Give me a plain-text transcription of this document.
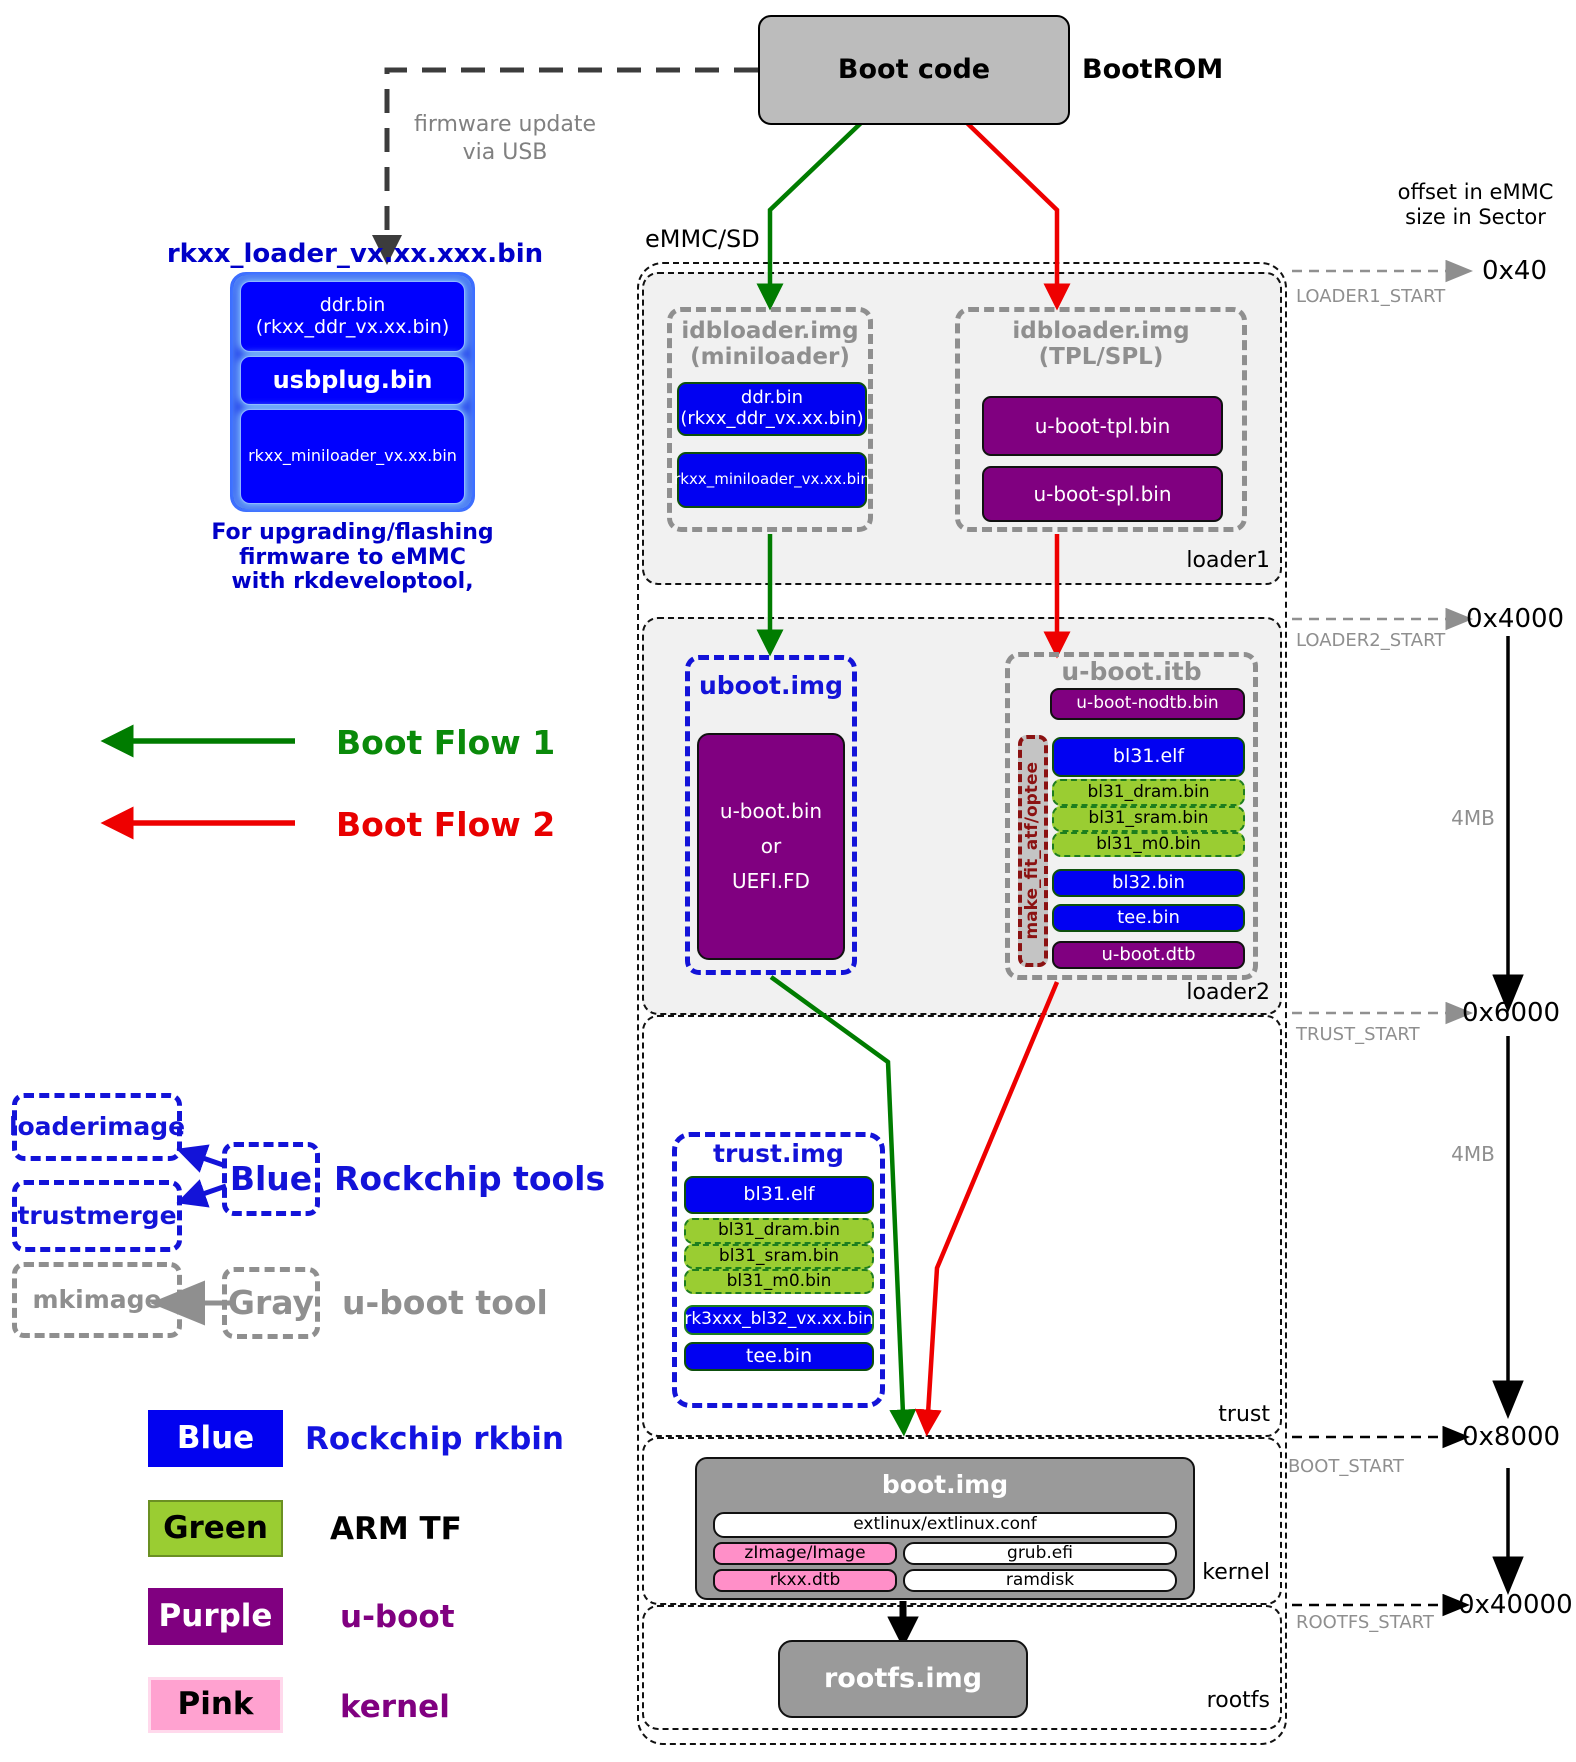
Boot code	BootROM
firmware update
via USB
offset in eMMC
size in Sector
rkxx_loader_vx.xx.xxx.bin
ddr.bin
(rkxx_ddr_vx.xx.bin)
usbplug.bin
rkxx_miniloader_vx.xx.bin
For upgrading/flashing
firmware to eMMC
with rkdeveloptool,
eMMC/SD
loader1
loader2
trust
kernel
rootfs
idbloader.img
(miniloader)
ddr.bin
(rkxx_ddr_vx.xx.bin)
rkxx_miniloader_vx.xx.bin
idbloader.img
(TPL/SPL)
u-boot-tpl.bin
u-boot-spl.bin
uboot.img
u-boot.bin
or
UEFI.FD
u-boot.itb
u-boot-nodtb.bin
make_fit_atf/optee
bl31.elf
bl31_dram.bin
bl31_sram.bin
bl31_m0.bin
bl32.bin
tee.bin
u-boot.dtb
trust.img
bl31.elf
bl31_dram.bin
bl31_sram.bin
bl31_m0.bin
rk3xxx_bl32_vx.xx.bin
tee.bin
boot.img
extlinux/extlinux.conf
zImage/Image	grub.efi
rkxx.dtb	ramdisk
rootfs.img
0x40
LOADER1_START
0x4000
LOADER2_START
4MB
0x6000
TRUST_START
4MB
0x8000
BOOT_START
0x40000
ROOTFS_START
Boot Flow 1
Boot Flow 2
loaderimage
trustmerge
Blue Rockchip tools
mkimage	Gray u-boot tool
Blue	Rockchip rkbin
Green	ARM TF
Purple	u-boot
Pink	kernel
